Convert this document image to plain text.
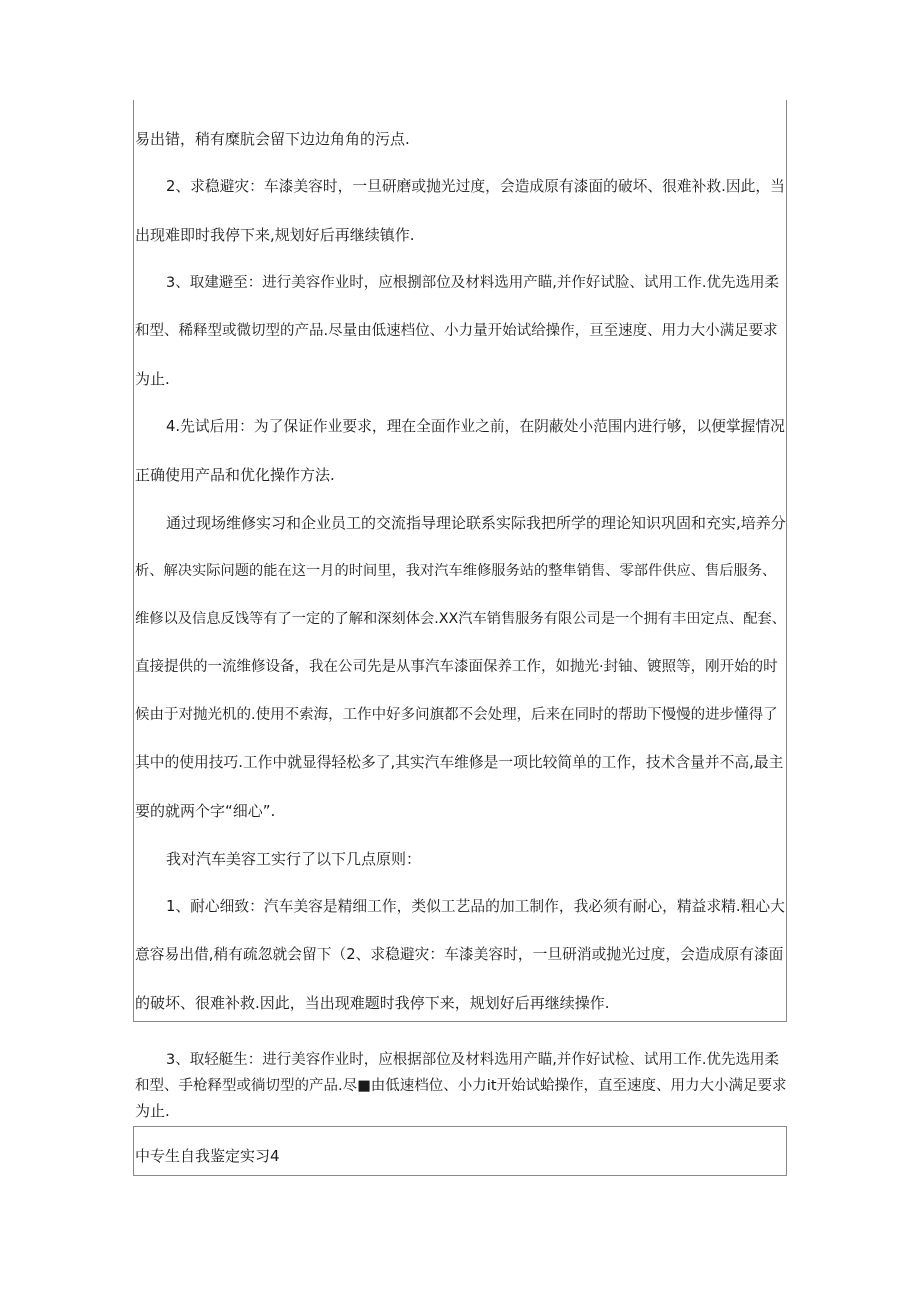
易出错，稍有糜肮会留下边边角角的污点.
2、求稳避灾：车漆美容时，一旦研磨或抛光过度，会造成原有漆面的破坏、很难补救.因此，当
出现难即时我停下来,规划好后再继续镇作.
3、取建避至：进行美容作业时，应根捌部位及材料选用产瞄,并作好试脸、试用工作.优先选用柔
和型、稀释型或微切型的产品.尽量由低速档位、小力量开始试给操作，亘至速度、用力大小满足要求
为止.
4.先试后用：为了保证作业要求，理在全面作业之前，在阴蔽处小范围内进行够，以便掌握情况
正确使用产品和优化操作方法.
通过现场维修实习和企业员工的交流指导理论联系实际我把所学的理论知识巩固和充实,培养分
析、解决实际问题的能在这一月的时间里，我对汽车维修服务站的整隼销售、零部件供应、售后服务、
维修以及信息反饯等有了一定的了解和深刻体会.XX汽车销售服务有限公司是一个拥有丰田定点、配套、
直接提供的一流维修设备，我在公司先是从事汽车漆面保养工作，如抛光·封铀、镀照等，刚开始的时
候由于对抛光机的.使用不索海，工作中好多问旗都不会处理，后来在同时的帮助下慢慢的进步懂得了
其中的使用技巧.工作中就显得轻松多了,其实汽车维修是一项比较简单的工作，技术含量并不高,最主
要的就两个字“细心”.
我对汽车美容工实行了以下几点原则：
1、耐心细致：汽车美容是精细工作，类似工艺品的加工制作，我必须有耐心，精益求精.粗心大
意容易出借,稍有疏忽就会留下（2、求稳避灾：车漆美容时，一旦研消或抛光过度，会造成原有漆面
的破坏、很难补救.因此，当出现难题时我停下来，规划好后再继续操作.
3、取轻艇生：进行美容作业时，应根据部位及材料选用产瞄,并作好试检、试用工作.优先选用柔
和型、手枪释型或徜切型的产品.尽■由低速档位、小力it开始试蛤操作，直至速度、用力大小满足要求
为止.
中专生自我鉴定实习4
